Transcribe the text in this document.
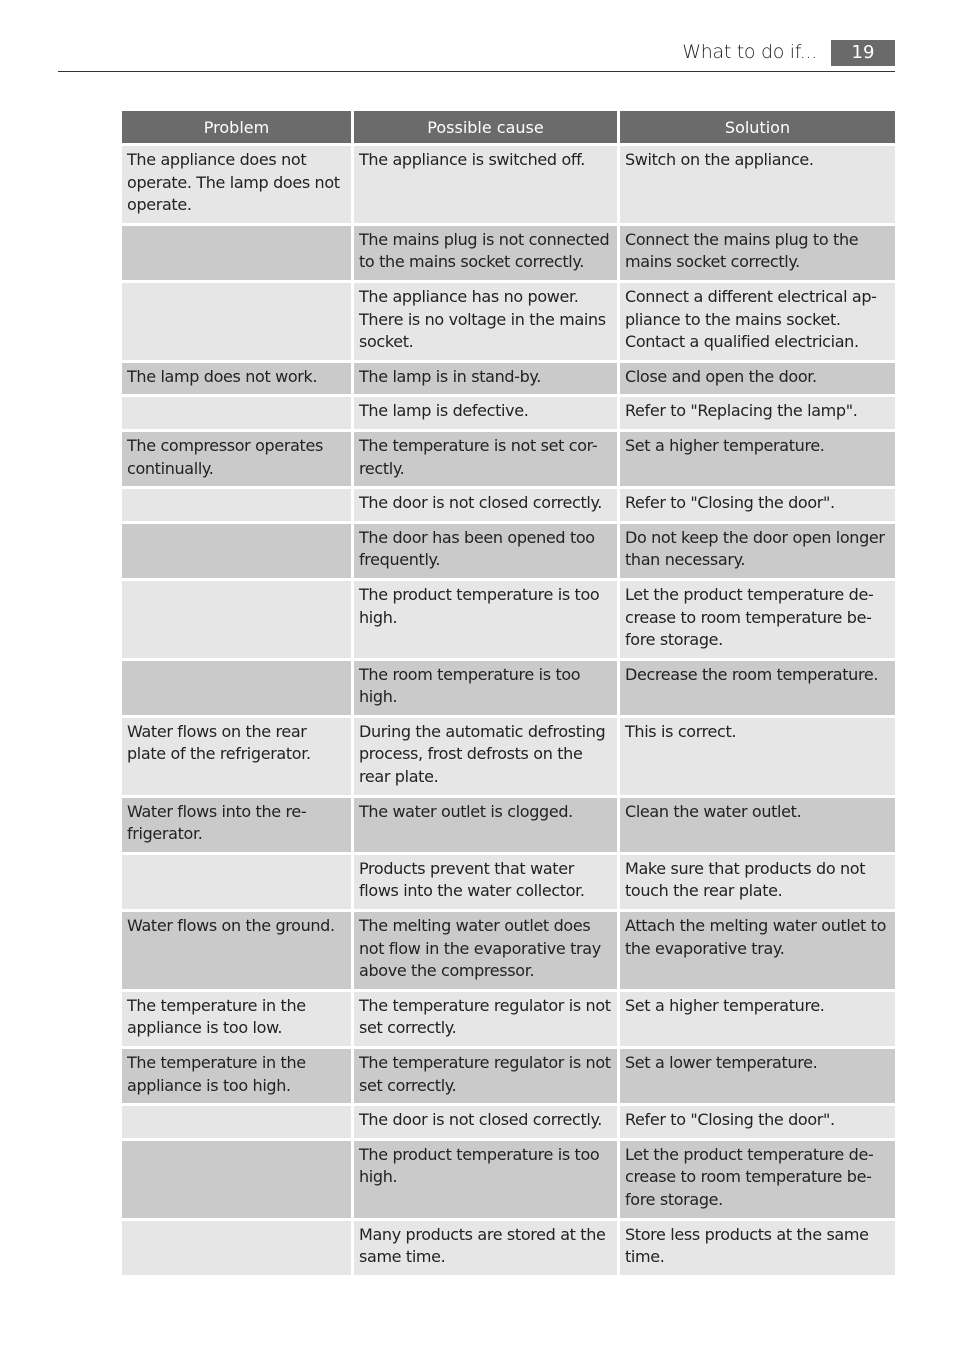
What to do if...	19
Problem	Possible cause	Solution
The appliance does not operate. The lamp does not operate.	The appliance is switched off.	Switch on the appliance.
	The mains plug is not connected to the mains socket correctly.	Connect the mains plug to the mains socket correctly.
	The appliance has no power. There is no voltage in the mains socket.	Connect a different electrical ap-pliance to the mains socket. Contact a qualified electrician.
The lamp does not work.	The lamp is in stand-by.	Close and open the door.
	The lamp is defective.	Refer to "Replacing the lamp".
The compressor operates continually.	The temperature is not set cor-rectly.	Set a higher temperature.
	The door is not closed correctly.	Refer to "Closing the door".
	The door has been opened too frequently.	Do not keep the door open longer than necessary.
	The product temperature is too high.	Let the product temperature de-crease to room temperature be-fore storage.
	The room temperature is too high.	Decrease the room temperature.
Water flows on the rear plate of the refrigerator.	During the automatic defrosting process, frost defrosts on the rear plate.	This is correct.
Water flows into the re-frigerator.	The water outlet is clogged.	Clean the water outlet.
	Products prevent that water flows into the water collector.	Make sure that products do not touch the rear plate.
Water flows on the ground.	The melting water outlet does not flow in the evaporative tray above the compressor.	Attach the melting water outlet to the evaporative tray.
The temperature in the appliance is too low.	The temperature regulator is not set correctly.	Set a higher temperature.
The temperature in the appliance is too high.	The temperature regulator is not set correctly.	Set a lower temperature.
	The door is not closed correctly.	Refer to "Closing the door".
	The product temperature is too high.	Let the product temperature de-crease to room temperature be-fore storage.
	Many products are stored at the same time.	Store less products at the same time.
